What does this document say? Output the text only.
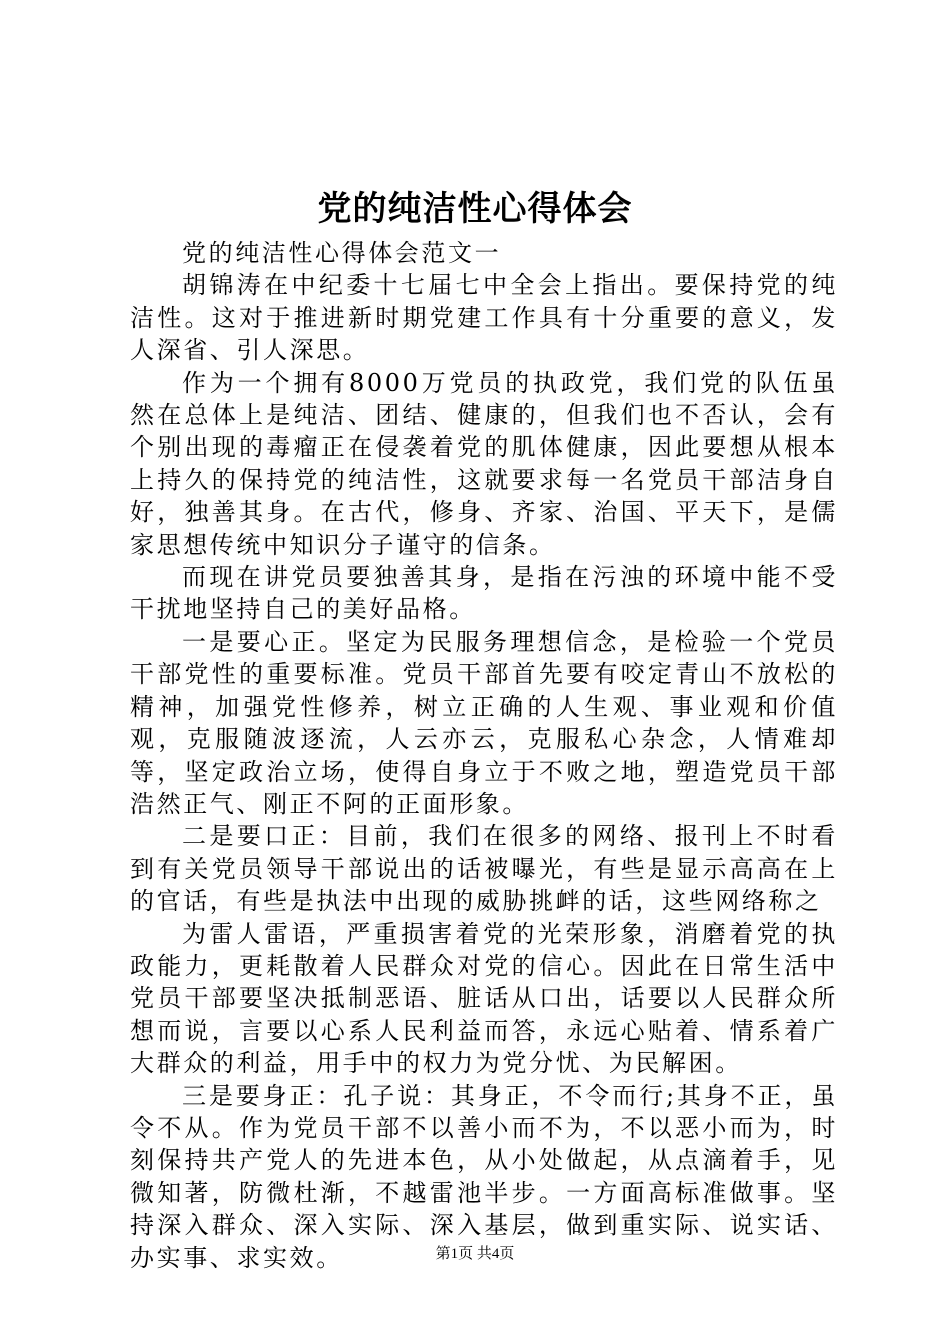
党的纯洁性心得体会

党的纯洁性心得体会范文一

胡锦涛在中纪委十七届七中全会上指出。要保持党的纯洁性。这对于推进新时期党建工作具有十分重要的意义，发人深省、引人深思。

作为一个拥有8000万党员的执政党，我们党的队伍虽然在总体上是纯洁、团结、健康的，但我们也不否认，会有个别出现的毒瘤正在侵袭着党的肌体健康，因此要想从根本上持久的保持党的纯洁性，这就要求每一名党员干部洁身自好，独善其身。在古代，修身、齐家、治国、平天下，是儒家思想传统中知识分子谨守的信条。

而现在讲党员要独善其身，是指在污浊的环境中能不受干扰地坚持自己的美好品格。

一是要心正。坚定为民服务理想信念，是检验一个党员干部党性的重要标准。党员干部首先要有咬定青山不放松的精神，加强党性修养，树立正确的人生观、事业观和价值观，克服随波逐流，人云亦云，克服私心杂念，人情难却等，坚定政治立场，使得自身立于不败之地，塑造党员干部浩然正气、刚正不阿的正面形象。

二是要口正：目前，我们在很多的网络、报刊上不时看到有关党员领导干部说出的话被曝光，有些是显示高高在上的官话，有些是执法中出现的威胁挑衅的话，这些网络称之

为雷人雷语，严重损害着党的光荣形象，消磨着党的执政能力，更耗散着人民群众对党的信心。因此在日常生活中党员干部要坚决抵制恶语、脏话从口出，话要以人民群众所想而说，言要以心系人民利益而答，永远心贴着、情系着广大群众的利益，用手中的权力为党分忧、为民解困。

三是要身正：孔子说：其身正，不令而行;其身不正，虽令不从。作为党员干部不以善小而不为，不以恶小而为，时刻保持共产党人的先进本色，从小处做起，从点滴着手，见微知著，防微杜渐，不越雷池半步。一方面高标准做事。坚持深入群众、深入实际、深入基层，做到重实际、说实话、办实事、求实效。	第1页 共4页
